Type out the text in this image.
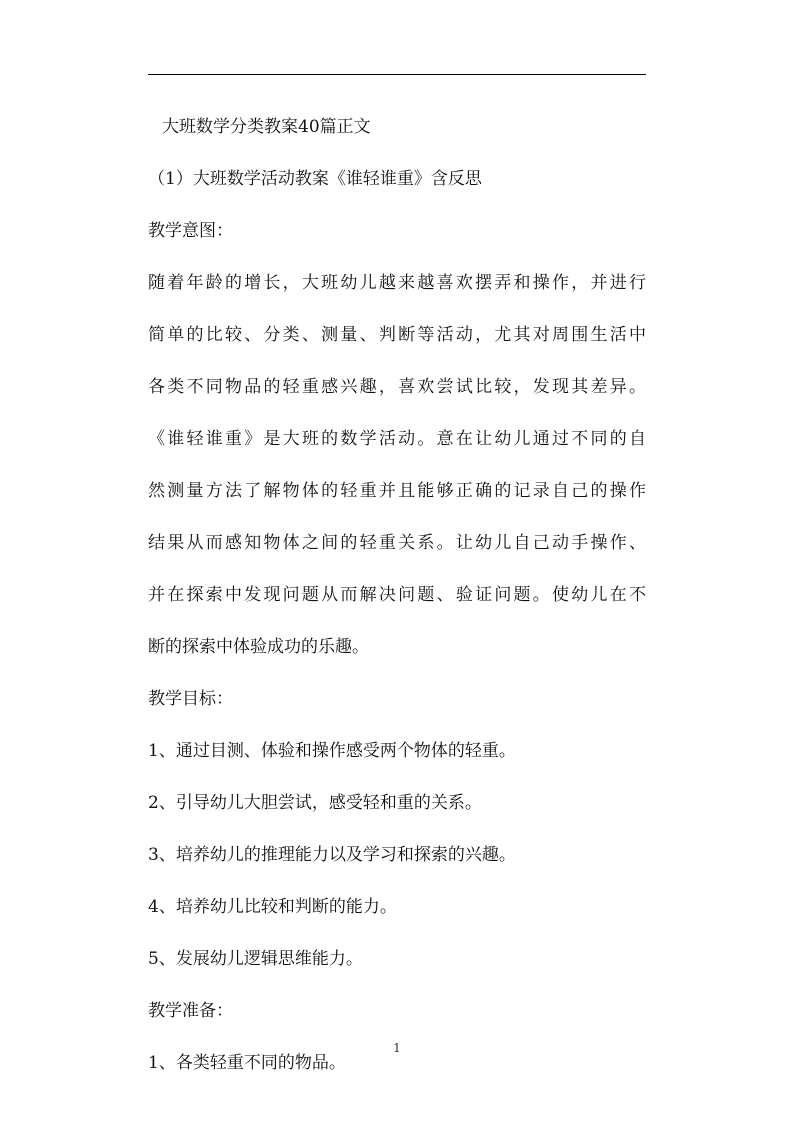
大班数学分类教案40篇正文
（1）大班数学活动教案《谁轻谁重》含反思
教学意图：
随着年龄的增长，大班幼儿越来越喜欢摆弄和操作，并进行
简单的比较、分类、测量、判断等活动，尤其对周围生活中
各类不同物品的轻重感兴趣，喜欢尝试比较，发现其差异。
《谁轻谁重》是大班的数学活动。意在让幼儿通过不同的自
然测量方法了解物体的轻重并且能够正确的记录自己的操作
结果从而感知物体之间的轻重关系。让幼儿自己动手操作、
并在探索中发现问题从而解决问题、验证问题。使幼儿在不
断的探索中体验成功的乐趣。
教学目标：
1、通过目测、体验和操作感受两个物体的轻重。
2、引导幼儿大胆尝试，感受轻和重的关系。
3、培养幼儿的推理能力以及学习和探索的兴趣。
4、培养幼儿比较和判断的能力。
5、发展幼儿逻辑思维能力。
教学准备：
1、各类轻重不同的物品。
1
